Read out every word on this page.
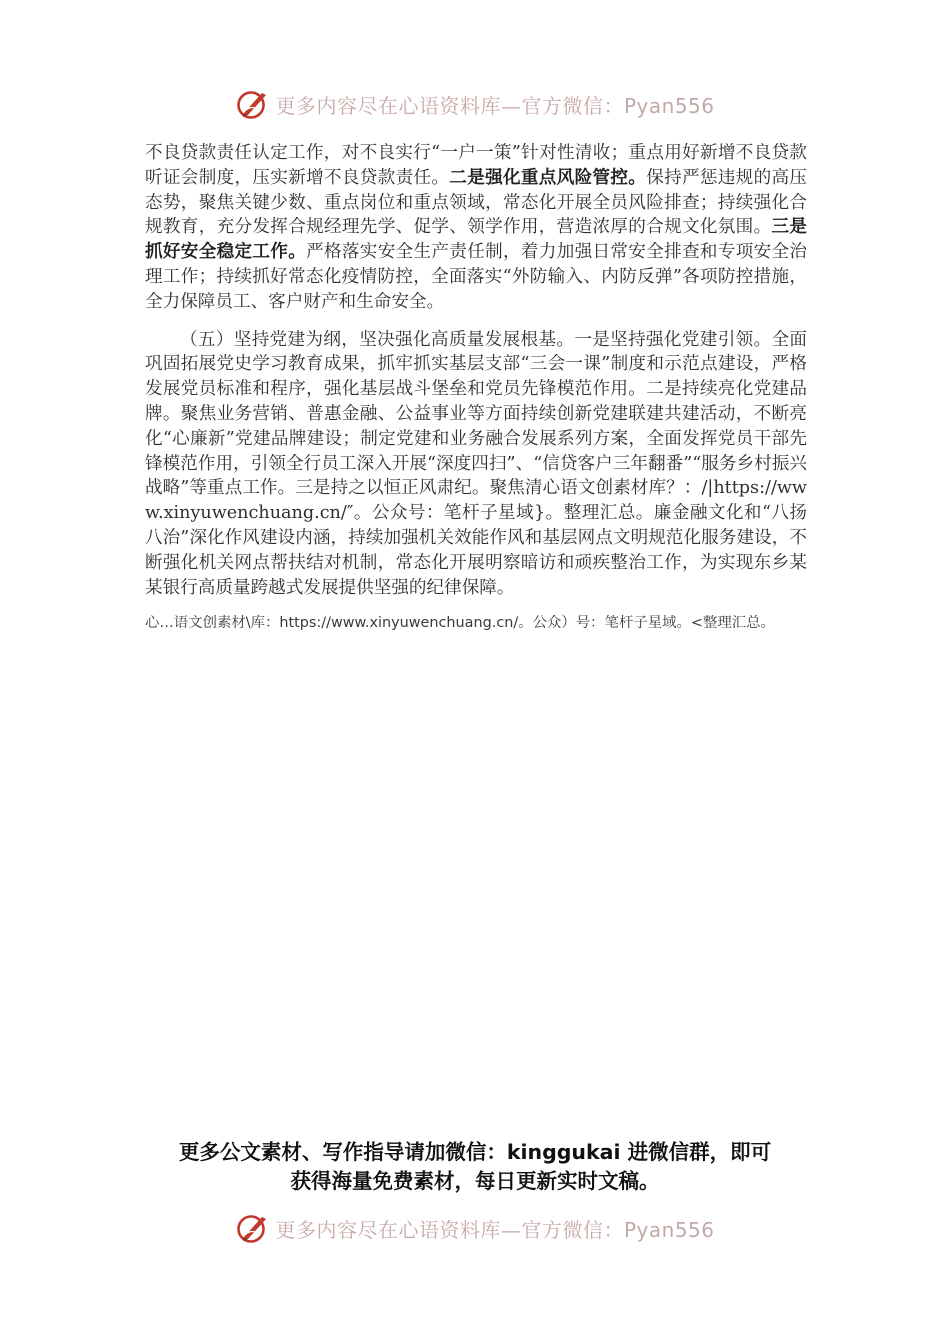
更多内容尽在心语资料库—官方微信：Pyan556

不良贷款责任认定工作，对不良实行“一户一策”针对性清收；重点用好新增不良贷款听证会制度，压实新增不良贷款责任。二是强化重点风险管控。保持严惩违规的高压态势，聚焦关键少数、重点岗位和重点领域，常态化开展全员风险排查；持续强化合规教育，充分发挥合规经理先学、促学、领学作用，营造浓厚的合规文化氛围。三是抓好安全稳定工作。严格落实安全生产责任制，着力加强日常安全排查和专项安全治理工作；持续抓好常态化疫情防控，全面落实“外防输入、内防反弹”各项防控措施，全力保障员工、客户财产和生命安全。

（五）坚持党建为纲，坚决强化高质量发展根基。一是坚持强化党建引领。全面巩固拓展党史学习教育成果，抓牢抓实基层支部“三会一课”制度和示范点建设，严格发展党员标准和程序，强化基层战斗堡垒和党员先锋模范作用。二是持续亮化党建品牌。聚焦业务营销、普惠金融、公益事业等方面持续创新党建联建共建活动，不断亮化“心廉新”党建品牌建设；制定党建和业务融合发展系列方案，全面发挥党员干部先锋模范作用，引领全行员工深入开展“深度四扫”、“信贷客户三年翻番”“服务乡村振兴战略”等重点工作。三是持之以恒正风肃纪。聚焦清心语文创素材库？：/|https://www.xinyuwenchuang.cn/″。公众号：笔杆子星域}。整理汇总。廉金融文化和“八扬八治”深化作风建设内涵，持续加强机关效能作风和基层网点文明规范化服务建设，不断强化机关网点帮扶结对机制，常态化开展明察暗访和顽疾整治工作，为实现东乡某某银行高质量跨越式发展提供坚强的纪律保障。

心…语文创素材\库：https://www.xinyuwenchuang.cn/。公众）号：笔杆子星域。<整理汇总。

更多公文素材、写作指导请加微信：kinggukai 进微信群，即可
获得海量免费素材，每日更新实时文稿。
更多内容尽在心语资料库—官方微信：Pyan556
